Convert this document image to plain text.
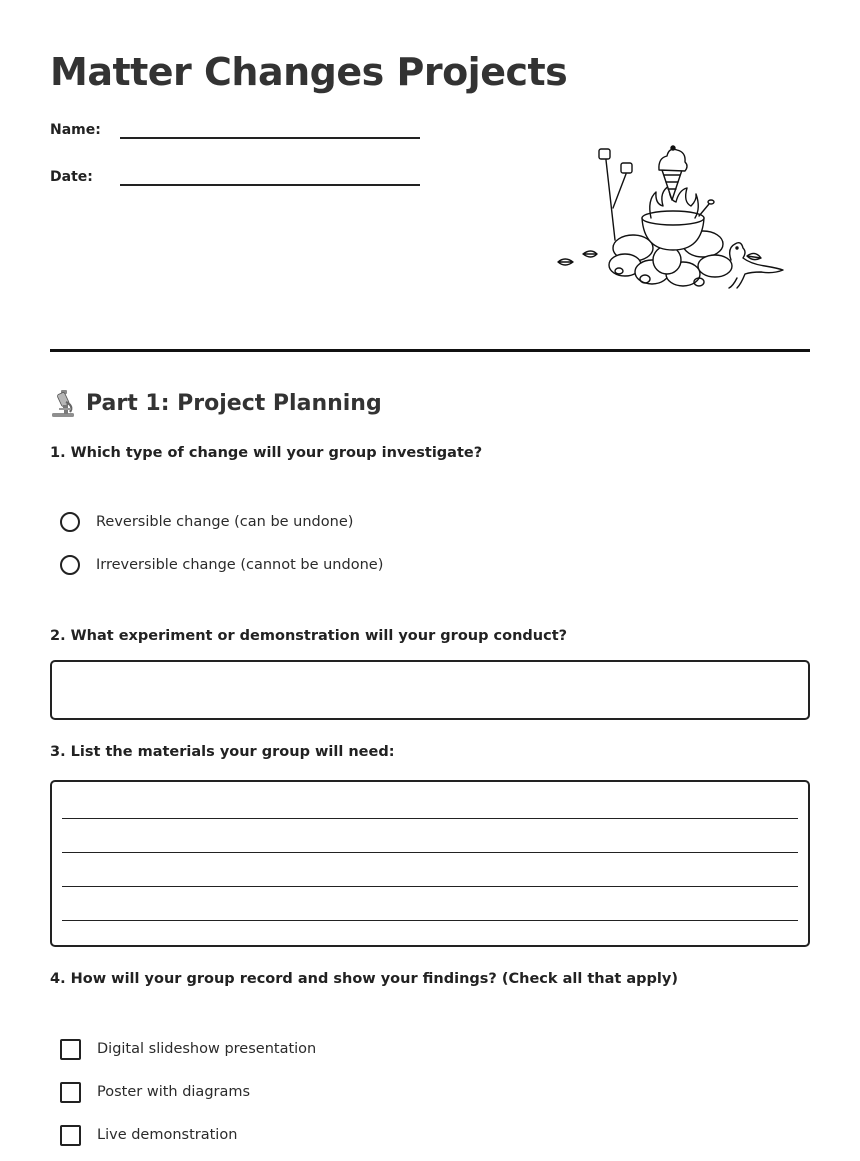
Matter Changes Projects
Name:
Date:
Part 1: Project Planning

1. Which type of change will your group investigate?

Reversible change (can be undone)
Irreversible change (cannot be undone)

2. What experiment or demonstration will your group conduct?

3. List the materials your group will need:

4. How will your group record and show your findings? (Check all that apply)

Digital slideshow presentation
Poster with diagrams
Live demonstration
